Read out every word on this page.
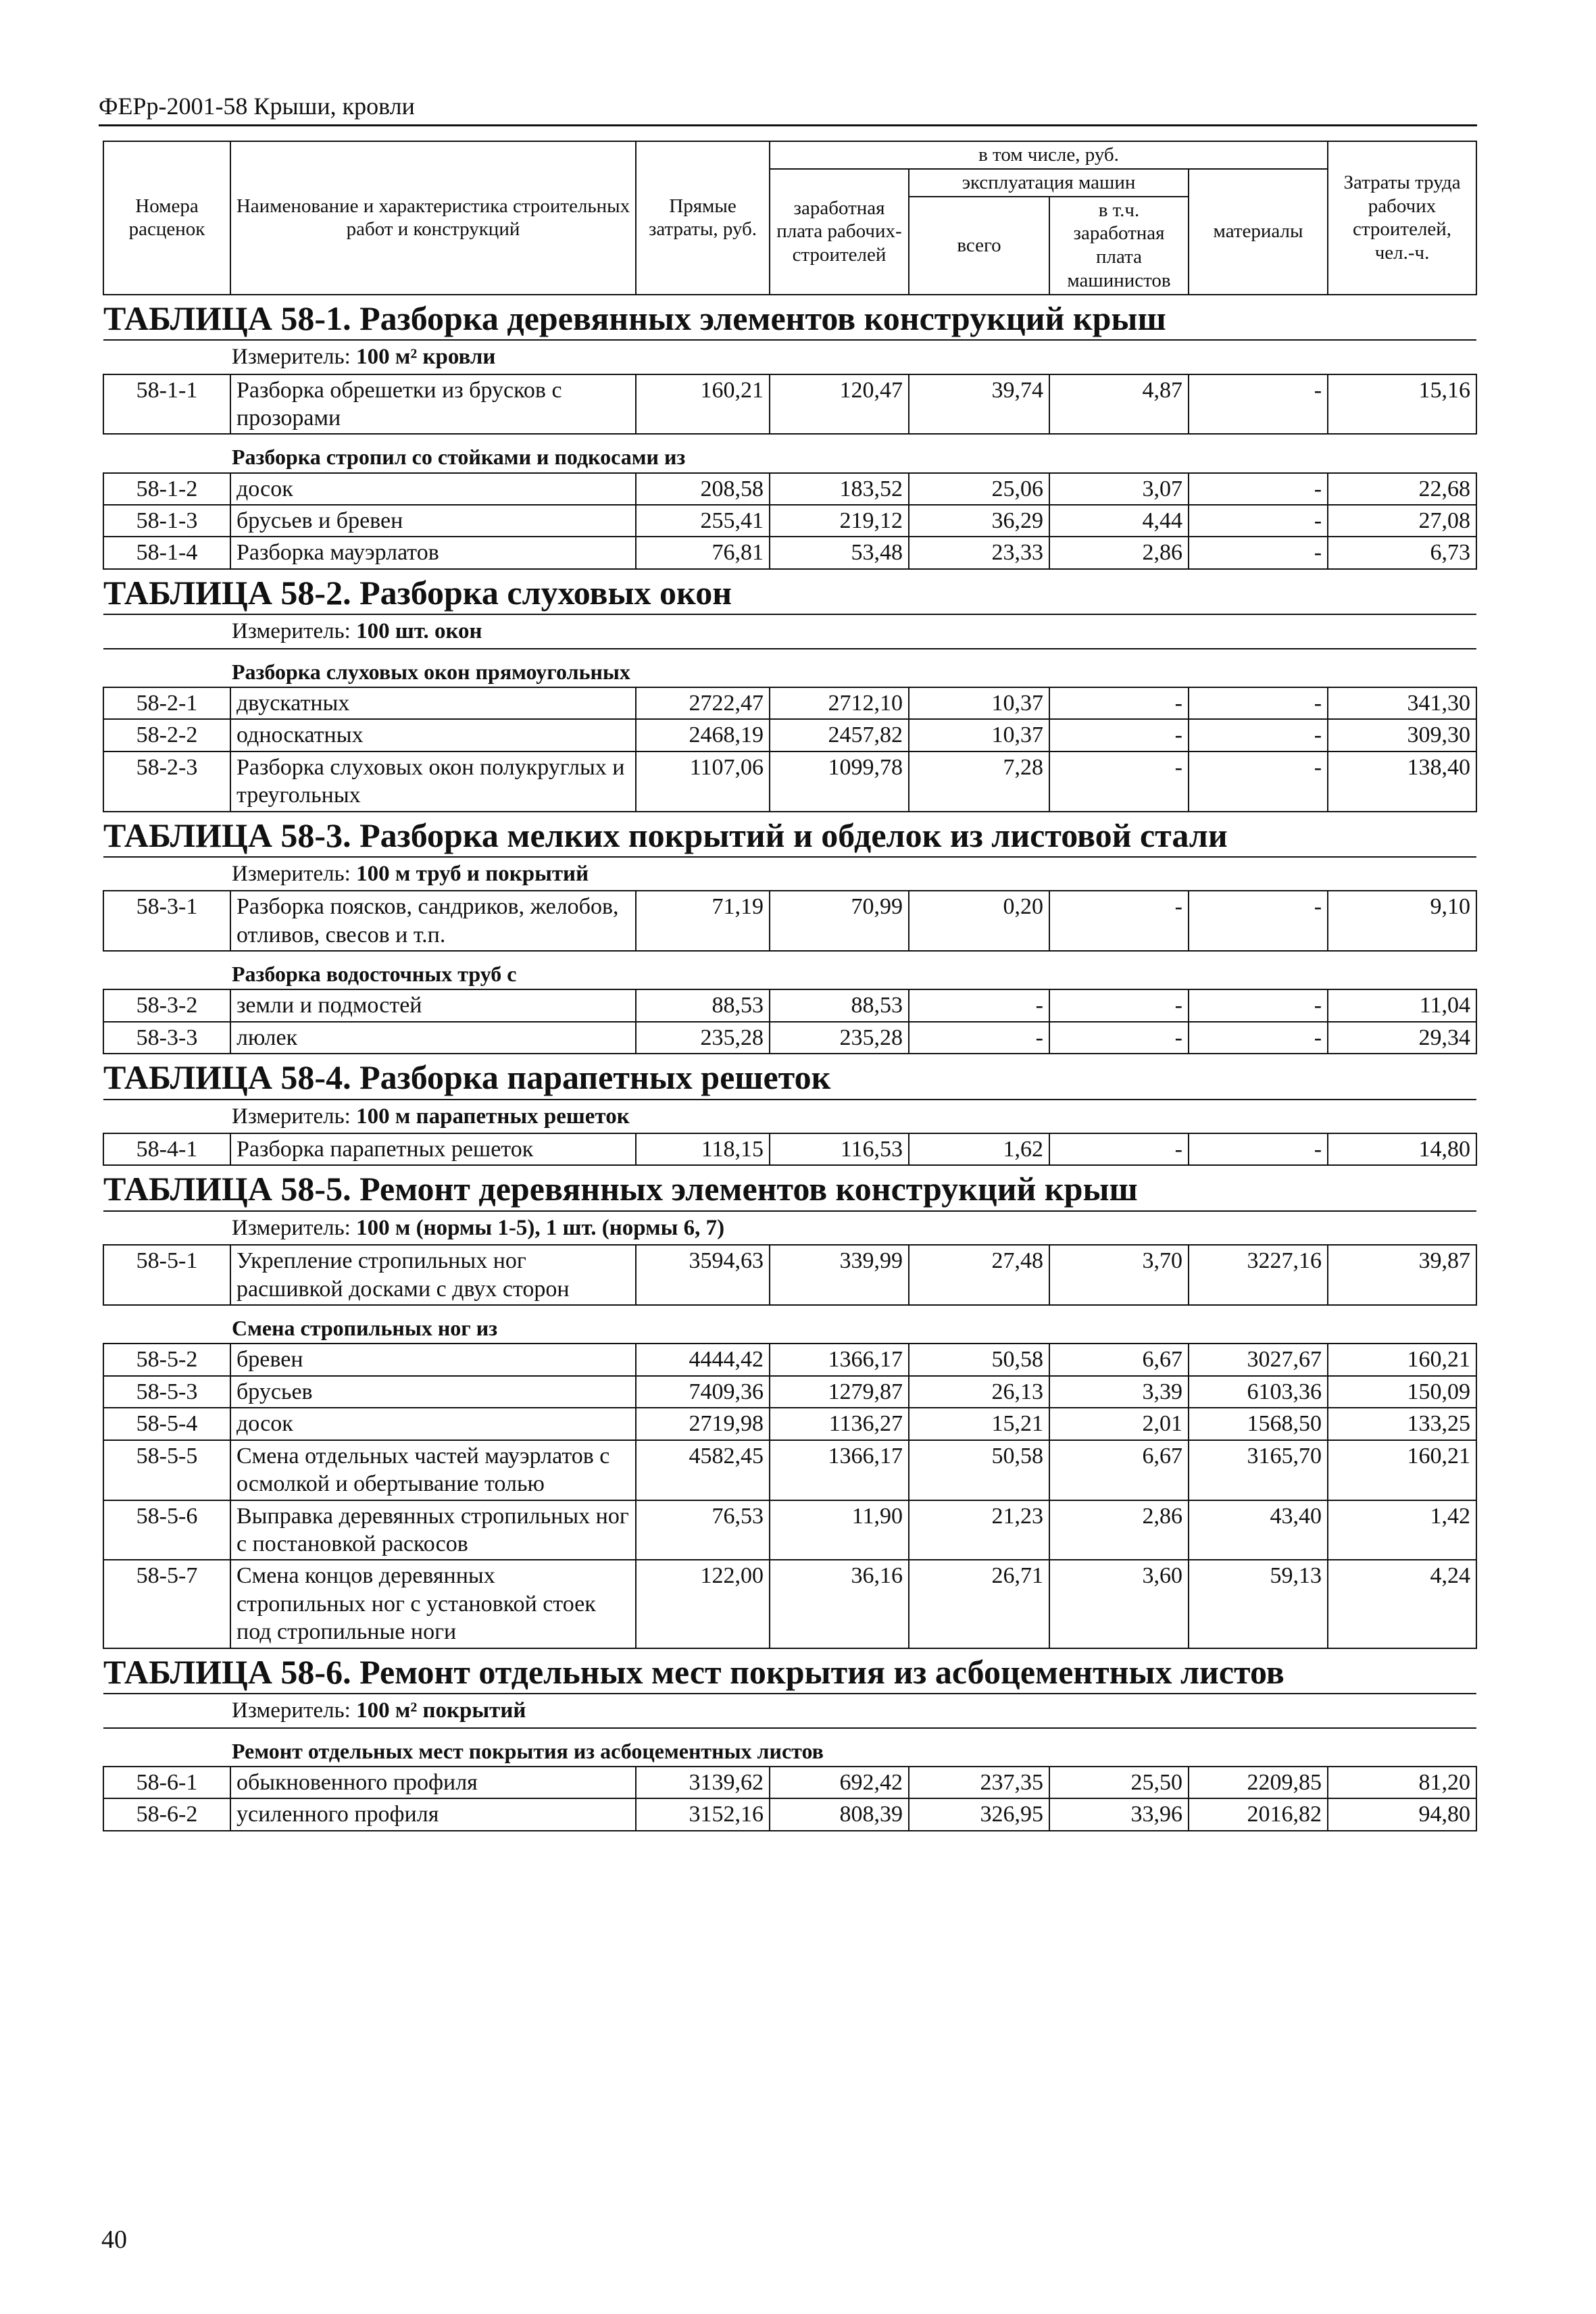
ФЕРр-2001-58 Крыши, кровли
Номера расценок	Наименование и характеристика строительных работ и конструкций	Прямые затраты, руб.	в том числе, руб.				Затраты труда рабочих строителей, чел.-ч.
			заработная плата рабочих-строителей	эксплуатация машин		материалы	
				всего	в т.ч. заработная плата машинистов		

ТАБЛИЦА 58-1. Разборка деревянных элементов конструкций крыш							
Измеритель: 100 м² кровли							
58-1-1	Разборка обрешетки из брусков с прозорами	160,21	120,47	39,74	4,87	-	15,16
Разборка стропил со стойками и подкосами из							
58-1-2	досок	208,58	183,52	25,06	3,07	-	22,68
58-1-3	брусьев и бревен	255,41	219,12	36,29	4,44	-	27,08
58-1-4	Разборка мауэрлатов	76,81	53,48	23,33	2,86	-	6,73
ТАБЛИЦА 58-2. Разборка слуховых окон							
Измеритель: 100 шт. окон							
Разборка слуховых окон прямоугольных							
58-2-1	двускатных	2722,47	2712,10	10,37	-	-	341,30
58-2-2	односкатных	2468,19	2457,82	10,37	-	-	309,30
58-2-3	Разборка слуховых окон полукруглых и треугольных	1107,06	1099,78	7,28	-	-	138,40
ТАБЛИЦА 58-3. Разборка мелких покрытий и обделок из листовой стали							
Измеритель: 100 м труб и покрытий							
58-3-1	Разборка поясков, сандриков, желобов, отливов, свесов и т.п.	71,19	70,99	0,20	-	-	9,10
Разборка водосточных труб с							
58-3-2	земли и подмостей	88,53	88,53	-	-	-	11,04
58-3-3	люлек	235,28	235,28	-	-	-	29,34
ТАБЛИЦА 58-4. Разборка парапетных решеток							
Измеритель: 100 м парапетных решеток							
58-4-1	Разборка парапетных решеток	118,15	116,53	1,62	-	-	14,80
ТАБЛИЦА 58-5. Ремонт деревянных элементов конструкций крыш							
Измеритель: 100 м (нормы 1-5), 1 шт. (нормы 6, 7)							
58-5-1	Укрепление стропильных ног расшивкой досками с двух сторон	3594,63	339,99	27,48	3,70	3227,16	39,87
Смена стропильных ног из							
58-5-2	бревен	4444,42	1366,17	50,58	6,67	3027,67	160,21
58-5-3	брусьев	7409,36	1279,87	26,13	3,39	6103,36	150,09
58-5-4	досок	2719,98	1136,27	15,21	2,01	1568,50	133,25
58-5-5	Смена отдельных частей мауэрлатов с осмолкой и обертывание толью	4582,45	1366,17	50,58	6,67	3165,70	160,21
58-5-6	Выправка деревянных стропильных ног с постановкой раскосов	76,53	11,90	21,23	2,86	43,40	1,42
58-5-7	Смена концов деревянных стропильных ног с установкой стоек под стропильные ноги	122,00	36,16	26,71	3,60	59,13	4,24
ТАБЛИЦА 58-6. Ремонт отдельных мест покрытия из асбоцементных листов							
Измеритель: 100 м² покрытий							
Ремонт отдельных мест покрытия из асбоцементных листов							
58-6-1	обыкновенного профиля	3139,62	692,42	237,35	25,50	2209,85	81,20
58-6-2	усиленного профиля	3152,16	808,39	326,95	33,96	2016,82	94,80
40
